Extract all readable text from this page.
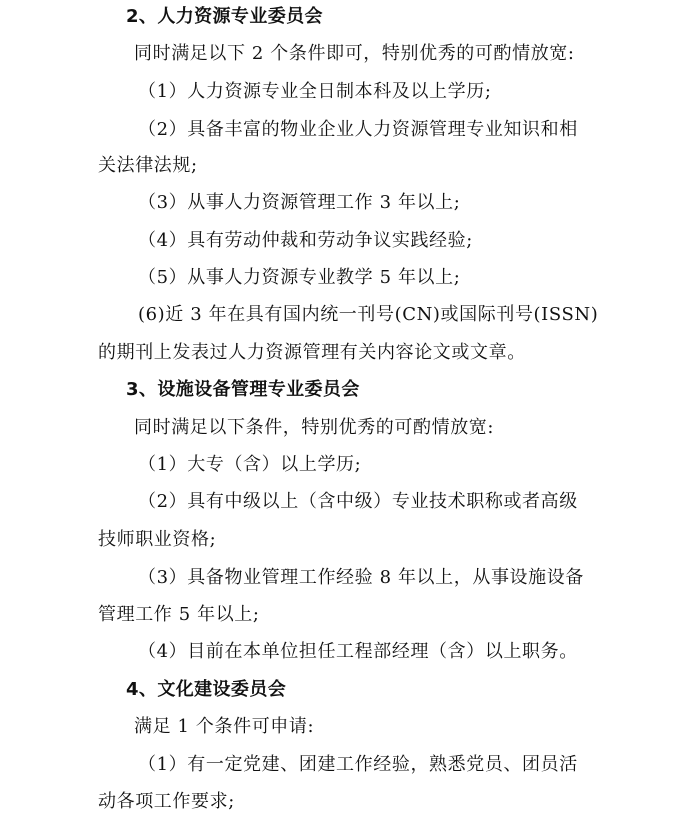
2、人力资源专业委员会
同时满足以下 2 个条件即可，特别优秀的可酌情放宽:
（1）人力资源专业全日制本科及以上学历;
（2）具备丰富的物业企业人力资源管理专业知识和相
关法律法规;
（3）从事人力资源管理工作 3 年以上;
（4）具有劳动仲裁和劳动争议实践经验;
（5）从事人力资源专业教学 5 年以上;
(6)近 3 年在具有国内统一刊号(CN)或国际刊号(ISSN)
的期刊上发表过人力资源管理有关内容论文或文章。
3、设施设备管理专业委员会
同时满足以下条件，特别优秀的可酌情放宽:
（1）大专（含）以上学历;
（2）具有中级以上（含中级）专业技术职称或者高级
技师职业资格;
（3）具备物业管理工作经验 8 年以上，从事设施设备
管理工作 5 年以上;
（4）目前在本单位担任工程部经理（含）以上职务。
4、文化建设委员会
满足 1 个条件可申请:
（1）有一定党建、团建工作经验，熟悉党员、团员活
动各项工作要求;
